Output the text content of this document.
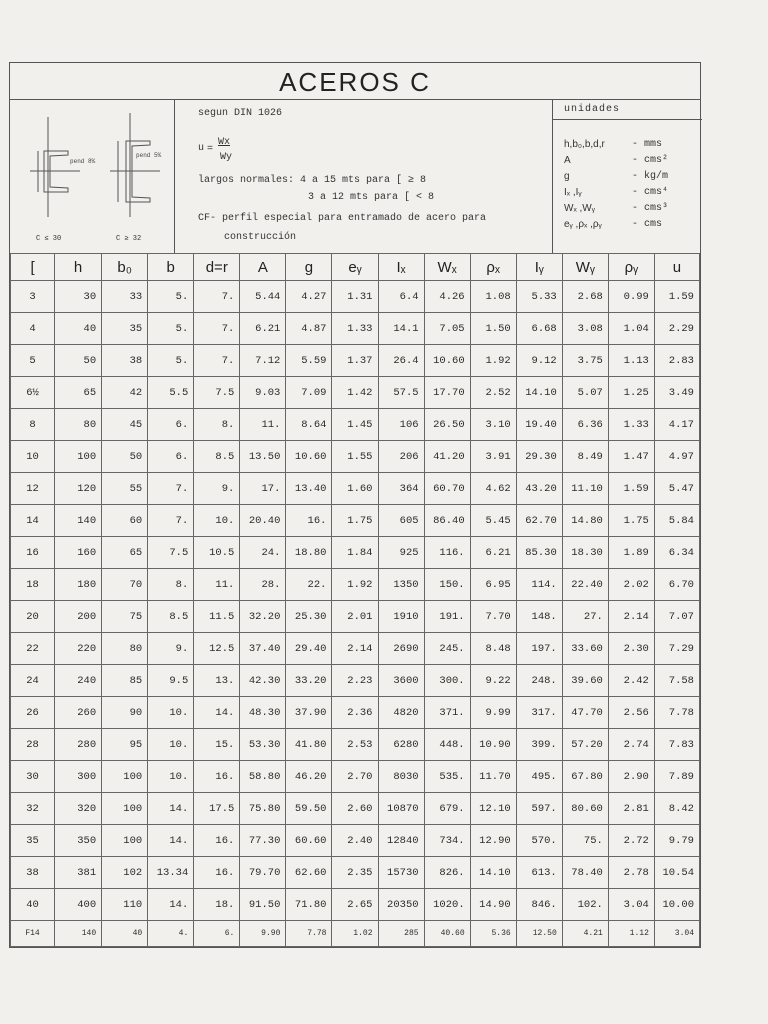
ACEROS C
pend 8%
pend 5%
C ≤ 30	C ≥ 32
segun DIN 1026
u =
Wx
Wy
largos normales: 4 a 15 mts para [ ≥ 8
3 a 12 mts para [ < 8
CF- perfil especial para entramado de acero para
construcción
unidades
h,b₀,b,d,r	- mms
A	- cms²
g	- kg/m
Iₓ ,Iᵧ	- cms⁴
Wₓ ,Wᵧ	- cms³
eᵧ ,ρₓ ,ρᵧ	- cms
[	h	b₀	b	d=r	A	g	eᵧ	Iₓ	Wₓ	ρₓ	Iᵧ	Wᵧ	ρᵧ	u
3	30	33	5.	7.	5.44	4.27	1.31	6.4	4.26	1.08	5.33	2.68	0.99	1.59
4	40	35	5.	7.	6.21	4.87	1.33	14.1	7.05	1.50	6.68	3.08	1.04	2.29
5	50	38	5.	7.	7.12	5.59	1.37	26.4	10.60	1.92	9.12	3.75	1.13	2.83
6½	65	42	5.5	7.5	9.03	7.09	1.42	57.5	17.70	2.52	14.10	5.07	1.25	3.49
8	80	45	6.	8.	11.	8.64	1.45	106	26.50	3.10	19.40	6.36	1.33	4.17
10	100	50	6.	8.5	13.50	10.60	1.55	206	41.20	3.91	29.30	8.49	1.47	4.97
12	120	55	7.	9.	17.	13.40	1.60	364	60.70	4.62	43.20	11.10	1.59	5.47
14	140	60	7.	10.	20.40	16.	1.75	605	86.40	5.45	62.70	14.80	1.75	5.84
16	160	65	7.5	10.5	24.	18.80	1.84	925	116.	6.21	85.30	18.30	1.89	6.34
18	180	70	8.	11.	28.	22.	1.92	1350	150.	6.95	114.	22.40	2.02	6.70
20	200	75	8.5	11.5	32.20	25.30	2.01	1910	191.	7.70	148.	27.	2.14	7.07
22	220	80	9.	12.5	37.40	29.40	2.14	2690	245.	8.48	197.	33.60	2.30	7.29
24	240	85	9.5	13.	42.30	33.20	2.23	3600	300.	9.22	248.	39.60	2.42	7.58
26	260	90	10.	14.	48.30	37.90	2.36	4820	371.	9.99	317.	47.70	2.56	7.78
28	280	95	10.	15.	53.30	41.80	2.53	6280	448.	10.90	399.	57.20	2.74	7.83
30	300	100	10.	16.	58.80	46.20	2.70	8030	535.	11.70	495.	67.80	2.90	7.89
32	320	100	14.	17.5	75.80	59.50	2.60	10870	679.	12.10	597.	80.60	2.81	8.42
35	350	100	14.	16.	77.30	60.60	2.40	12840	734.	12.90	570.	75.	2.72	9.79
38	381	102	13.34	16.	79.70	62.60	2.35	15730	826.	14.10	613.	78.40	2.78	10.54
40	400	110	14.	18.	91.50	71.80	2.65	20350	1020.	14.90	846.	102.	3.04	10.00
F14	140	40	4.	6.	9.90	7.78	1.02	285	40.60	5.36	12.50	4.21	1.12	3.04
